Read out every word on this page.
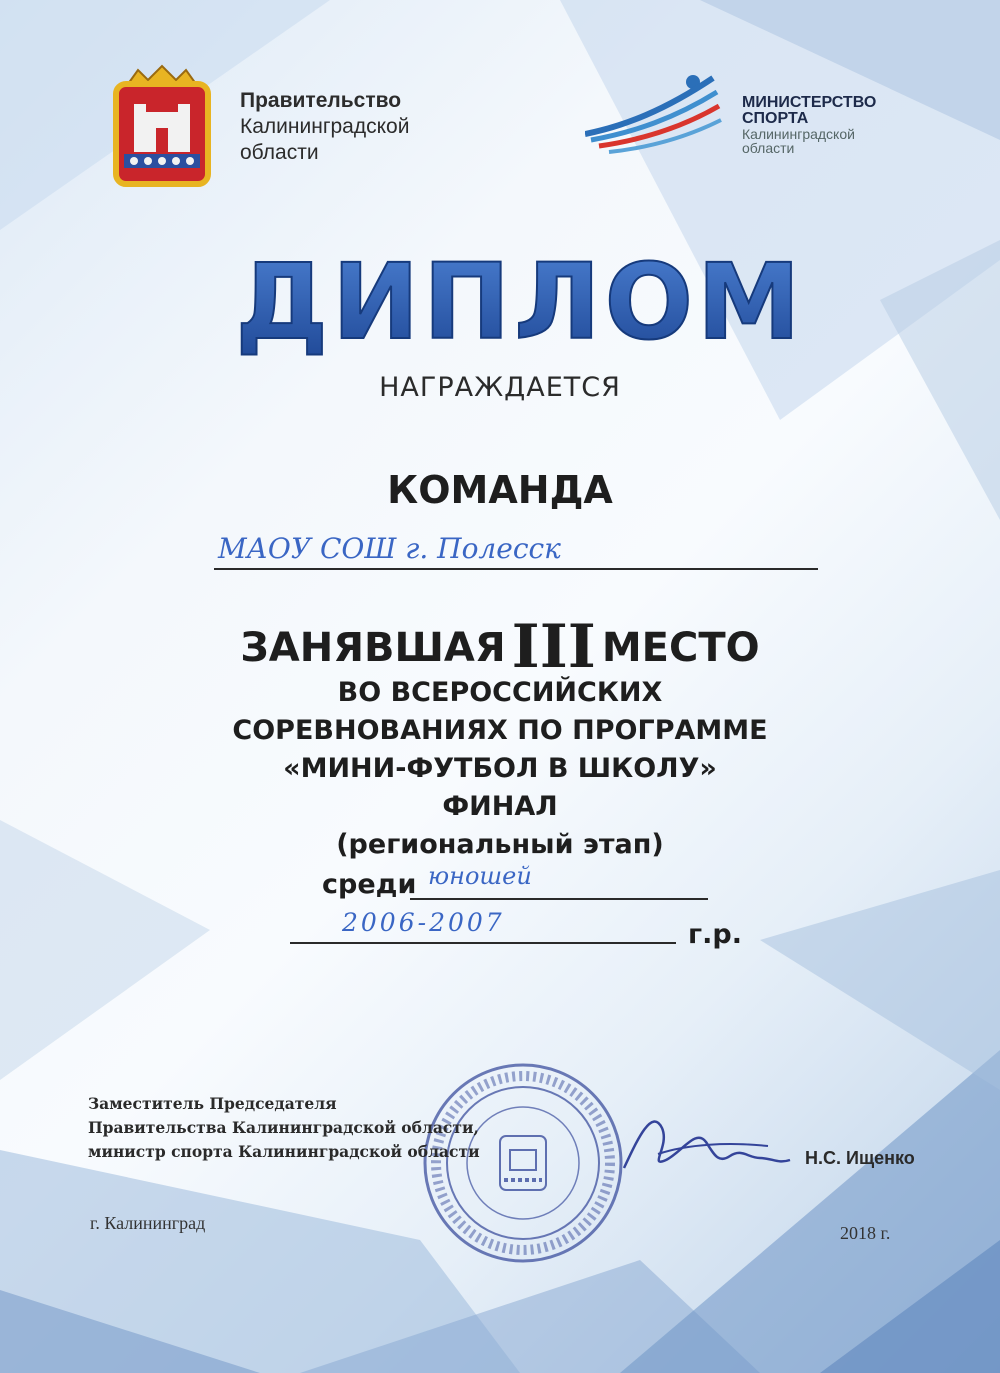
Правительство
Калининградской
области
МИНИСТЕРСТВО
СПОРТА
Калининградской
области
ДИПЛОМ
НАГРАЖДАЕТСЯ
КОМАНДА
МАОУ СОШ г. Полесск
ЗАНЯВШАЯ III МЕСТО
ВО ВСЕРОССИЙСКИХ
СОРЕВНОВАНИЯХ ПО ПРОГРАММЕ
«МИНИ-ФУТБОЛ В ШКОЛУ»
ФИНАЛ
(региональный этап)
среди юношей
2006-2007	г.р.
Заместитель Председателя
Правительства Калининградской области,
министр спорта Калининградской области	Н.С. Ищенко
г. Калининград	2018 г.
